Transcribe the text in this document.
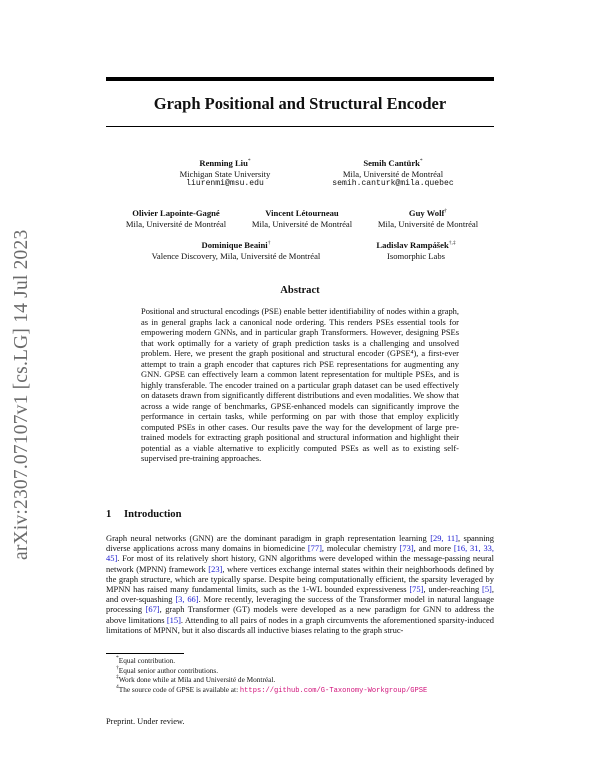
arXiv:2307.07107v1 [cs.LG] 14 Jul 2023
Graph Positional and Structural Encoder
Renming Liu*
Michigan State University
liurenmi@msu.edu
Semih Cantürk*
Mila, Université de Montréal
semih.canturk@mila.quebec
Olivier Lapointe-Gagné
Mila, Université de Montréal
Vincent Létourneau
Mila, Université de Montréal
Guy Wolf†
Mila, Université de Montréal
Dominique Beaini†
Valence Discovery, Mila, Université de Montréal
Ladislav Rampášek†,‡
Isomorphic Labs
Abstract

Positional and structural encodings (PSE) enable better identifiability of nodes within a graph, as in general graphs lack a canonical node ordering. This renders PSEs essential tools for empowering modern GNNs, and in particular graph Transformers. However, designing PSEs that work optimally for a variety of graph prediction tasks is a challenging and unsolved problem. Here, we present the graph positional and structural encoder (GPSE⁴), a first-ever attempt to train a graph encoder that captures rich PSE representations for augmenting any GNN. GPSE can effectively learn a common latent representation for multiple PSEs, and is highly transferable. The encoder trained on a particular graph dataset can be used effectively on datasets drawn from significantly different distributions and even modalities. We show that across a wide range of benchmarks, GPSE-enhanced models can significantly improve the performance in certain tasks, while performing on par with those that employ explicitly computed PSEs in other cases. Our results pave the way for the development of large pre-trained models for extracting graph positional and structural information and highlight their potential as a viable alternative to explicitly computed PSEs as well as to existing self-supervised pre-training approaches.

1 Introduction

Graph neural networks (GNN) are the dominant paradigm in graph representation learning [29, 11], spanning diverse applications across many domains in biomedicine [77], molecular chemistry [73], and more [16, 31, 33, 45]. For most of its relatively short history, GNN algorithms were developed within the message-passing neural network (MPNN) framework [23], where vertices exchange internal states within their neighborhoods defined by the graph structure, which are typically sparse. Despite being computationally efficient, the sparsity leveraged by MPNN has raised many fundamental limits, such as the 1-WL bounded expressiveness [75], under-reaching [5], and over-squashing [3, 66]. More recently, leveraging the success of the Transformer model in natural language processing [67], graph Transformer (GT) models were developed as a new paradigm for GNN to address the above limitations [15]. Attending to all pairs of nodes in a graph circumvents the aforementioned sparsity-induced limitations of MPNN, but it also discards all inductive biases relating to the graph struc-

*Equal contribution.
†Equal senior author contributions.
‡Work done while at Mila and Université de Montréal.
$^4$The source code of GPSE is available at: https://github.com/G-Taxonomy-Workgroup/GPSE

Preprint. Under review.
